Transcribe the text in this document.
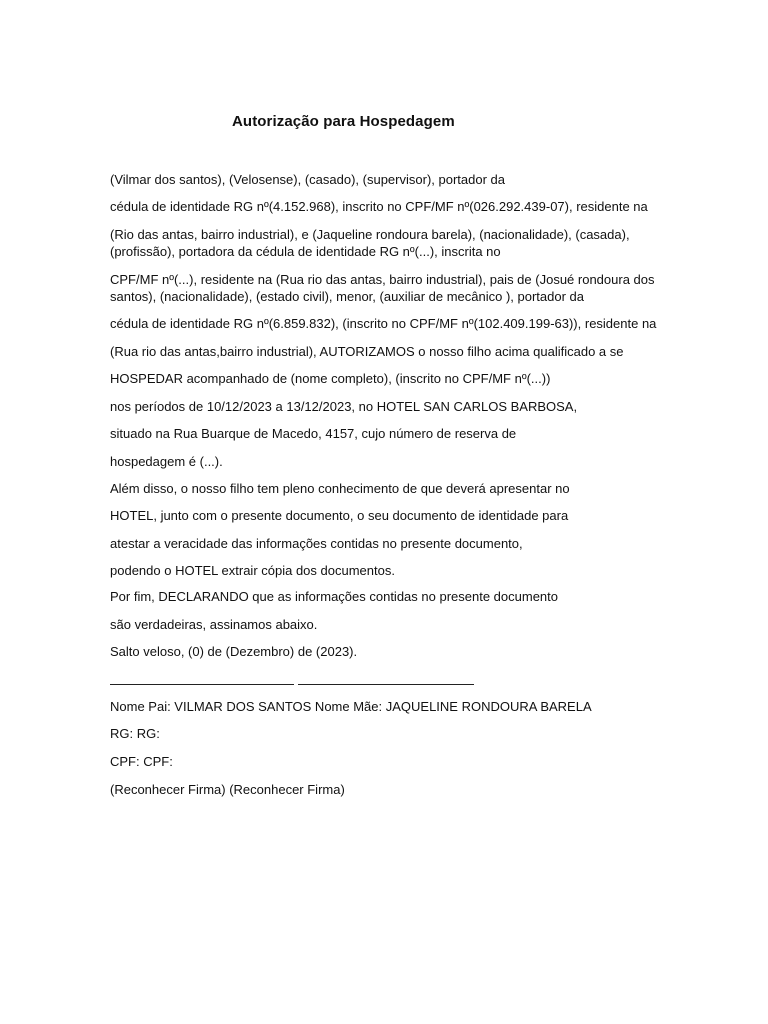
Autorização para Hospedagem
(Vilmar dos santos), (Velosense), (casado), (supervisor), portador da
cédula de identidade RG nº(4.152.968), inscrito no CPF/MF nº(026.292.439-07), residente na
(Rio das antas, bairro industrial), e (Jaqueline rondoura barela), (nacionalidade), (casada),
(profissão), portadora da cédula de identidade RG nº(...), inscrita no
CPF/MF nº(...), residente na (Rua rio das antas, bairro industrial), pais de (Josué rondoura dos
santos), (nacionalidade), (estado civil), menor, (auxiliar de mecânico ), portador da
cédula de identidade RG nº(6.859.832), (inscrito no CPF/MF nº(102.409.199-63)), residente na
(Rua rio das antas,bairro industrial), AUTORIZAMOS o nosso filho acima qualificado a se
HOSPEDAR acompanhado de (nome completo), (inscrito no CPF/MF nº(...))
nos períodos de 10/12/2023 a 13/12/2023, no HOTEL SAN CARLOS BARBOSA,
situado na Rua Buarque de Macedo, 4157, cujo número de reserva de
hospedagem é (...).
Além disso, o nosso filho tem pleno conhecimento de que deverá apresentar no
HOTEL, junto com o presente documento, o seu documento de identidade para
atestar a veracidade das informações contidas no presente documento,
podendo o HOTEL extrair cópia dos documentos.
Por fim, DECLARANDO que as informações contidas no presente documento
são verdadeiras, assinamos abaixo.
Salto veloso, (0) de (Dezembro) de (2023).
Nome Pai: VILMAR DOS SANTOS Nome Mãe: JAQUELINE RONDOURA BARELA
RG: RG:
CPF: CPF:
(Reconhecer Firma) (Reconhecer Firma)
